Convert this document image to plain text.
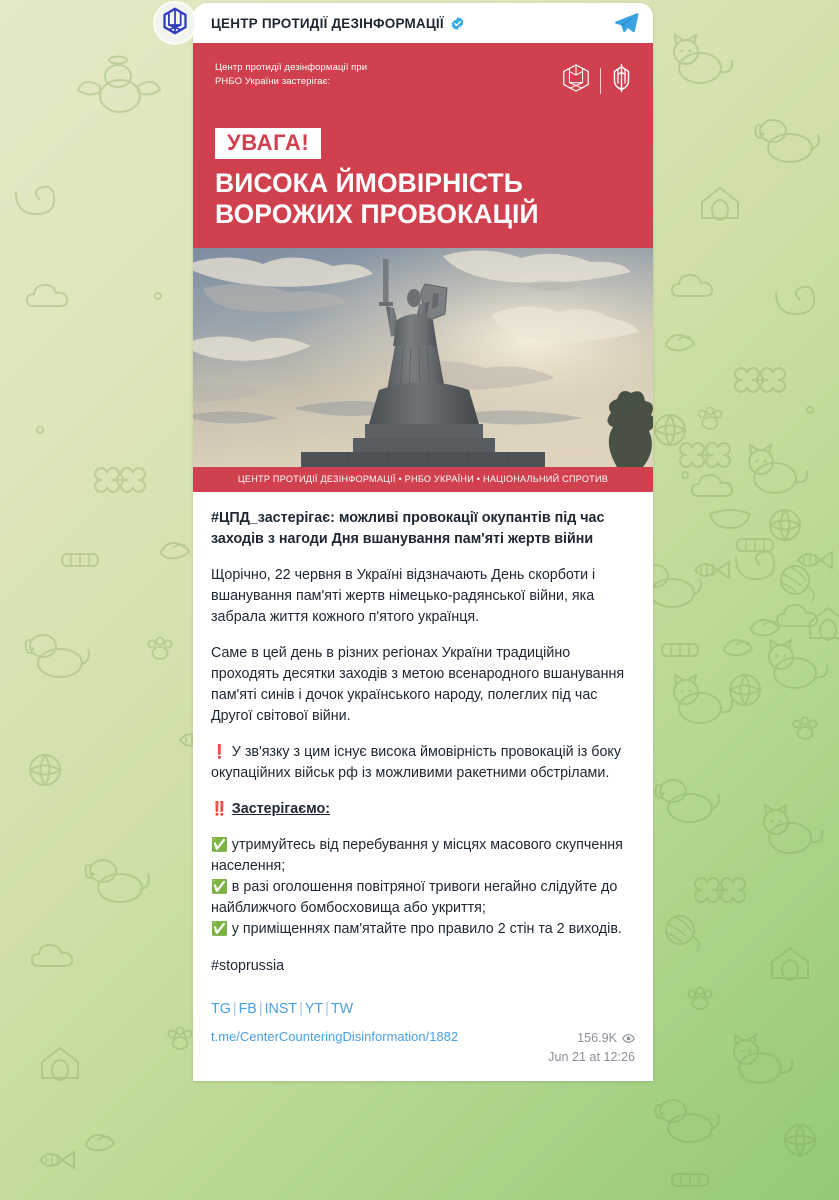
ЦЕНТР ПРОТИДІЇ ДЕЗІНФОРМАЦІЇ
Центр протидії дезінформації при
РНБО України застерігає:
УВАГА!
ВИСОКА ЙМОВІРНІСТЬ
ВОРОЖИХ ПРОВОКАЦІЙ
ЦЕНТР ПРОТИДІЇ ДЕЗІНФОРМАЦІЇ • РНБО УКРАЇНИ • НАЦІОНАЛЬНИЙ СПРОТИВ

#ЦПД_застерігає: можливі провокації окупантів під час заходів з нагоди Дня вшанування пам'яті жертв війни

Щорічно, 22 червня в Україні відзначають День скорботи і вшанування пам'яті жертв німецько-радянської війни, яка забрала життя кожного п'ятого українця.

Саме в цей день в різних регіонах України традиційно проходять десятки заходів з метою всенародного вшанування пам'яті синів і дочок українського народу, полеглих під час Другої світової війни.

❗ У зв'язку з цим існує висока ймовірність провокацій із боку окупаційних військ рф із можливими ракетними обстрілами.

‼️ Застерігаємо:

✅ утримуйтесь від перебування у місцях масового скупчення населення;
✅ в разі оголошення повітряної тривоги негайно слідуйте до найближчого бомбосховища або укриття;
✅ у приміщеннях пам'ятайте про правило 2 стін та 2 виходів.

#stoprussia

TG | FB | INST | YT | TW
t.me/CenterCounteringDisinformation/1882	156.9K
Jun 21 at 12:26
